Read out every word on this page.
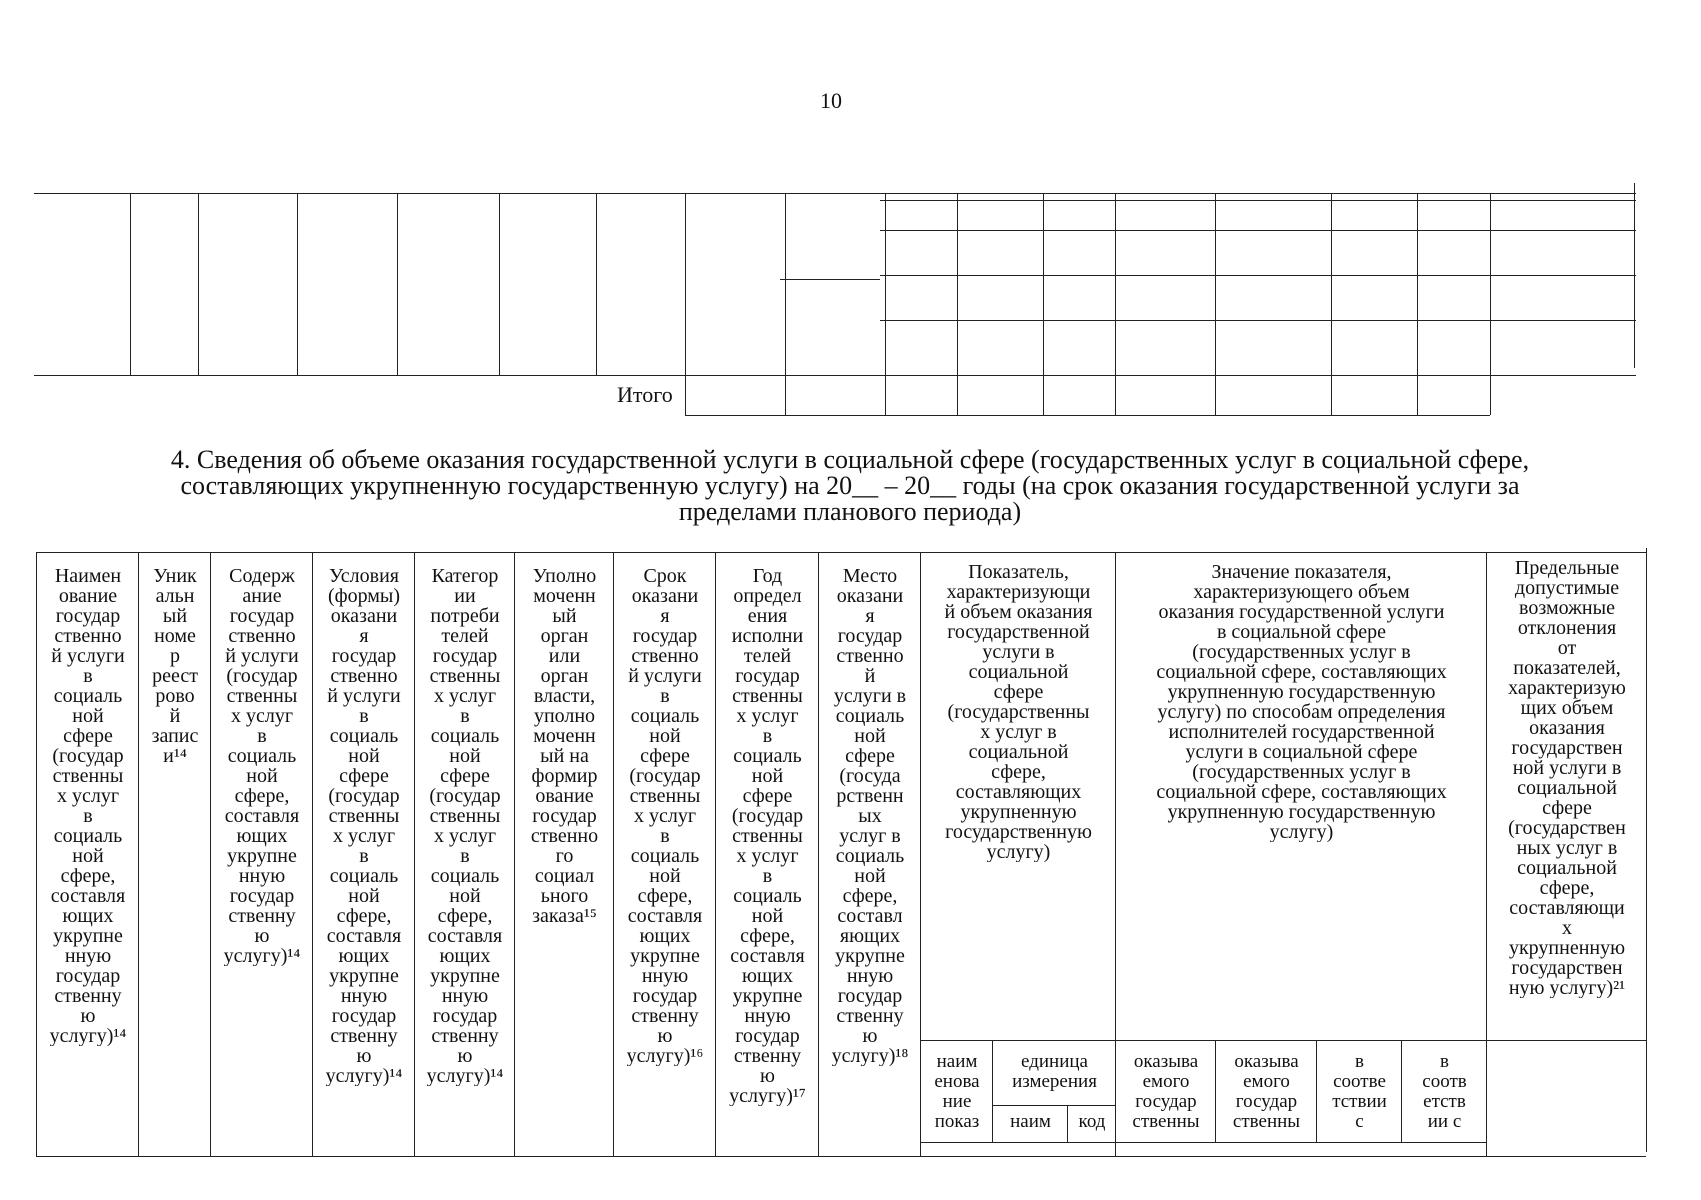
10
Итого
4. Сведения об объеме оказания государственной услуги в социальной сфере (государственных услуг в социальной сфере,
составляющих укрупненную государственную услугу) на 20__ – 20__ годы (на срок оказания государственной услуги за
пределами планового периода)
Наимен
ование
государ
ственно
й услуги
в
социаль
ной
сфере
(государ
ственны
х услуг
в
социаль
ной
сфере,
составля
ющих
укрупне
нную
государ
ственну
ю
услугу)¹⁴
Уник
альн
ый
номе
р
реест
рово
й
запис
и¹⁴
Содерж
ание
государ
ственно
й услуги
(государ
ственны
х услуг
в
социаль
ной
сфере,
составля
ющих
укрупне
нную
государ
ственну
ю
услугу)¹⁴
Условия
(формы)
оказани
я
государ
ственно
й услуги
в
социаль
ной
сфере
(государ
ственны
х услуг
в
социаль
ной
сфере,
составля
ющих
укрупне
нную
государ
ственну
ю
услугу)¹⁴
Категор
ии
потреби
телей
государ
ственны
х услуг
в
социаль
ной
сфере
(государ
ственны
х услуг
в
социаль
ной
сфере,
составля
ющих
укрупне
нную
государ
ственну
ю
услугу)¹⁴
Уполно
моченн
ый
орган
или
орган
власти,
уполно
моченн
ый на
формир
ование
государ
ственно
го
социал
ьного
заказа¹⁵
Срок
оказани
я
государ
ственно
й услуги
в
социаль
ной
сфере
(государ
ственны
х услуг
в
социаль
ной
сфере,
составля
ющих
укрупне
нную
государ
ственну
ю
услугу)¹⁶
Год
определ
ения
исполни
телей
государ
ственны
х услуг
в
социаль
ной
сфере
(государ
ственны
х услуг
в
социаль
ной
сфере,
составля
ющих
укрупне
нную
государ
ственну
ю
услугу)¹⁷
Место
оказани
я
государ
ственно
й
услуги в
социаль
ной
сфере
(госуда
рственн
ых
услуг в
социаль
ной
сфере,
составл
яющих
укрупне
нную
государ
ственну
ю
услугу)¹⁸
Показатель,
характеризующи
й объем оказания
государственной
услуги в
социальной
сфере
(государственны
х услуг в
социальной
сфере,
составляющих
укрупненную
государственную
услугу)
Значение показателя,
характеризующего объем
оказания государственной услуги
в социальной сфере
(государственных услуг в
социальной сфере, составляющих
укрупненную государственную
услугу) по способам определения
исполнителей государственной
услуги в социальной сфере
(государственных услуг в
социальной сфере, составляющих
укрупненную государственную
услугу)
Предельные
допустимые
возможные
отклонения
от
показателей,
характеризую
щих объем
оказания
государствен
ной услуги в
социальной
сфере
(государствен
ных услуг в
социальной
сфере,
составляющи
х
укрупненную
государствен
ную услугу)²¹
наим
енова
ние
показ
единица
измерения
наим	код
оказыва
емого
государ
ственны
оказыва
емого
государ
ственны
в
соотве
тствии
с
в
соотв
етств
ии с
